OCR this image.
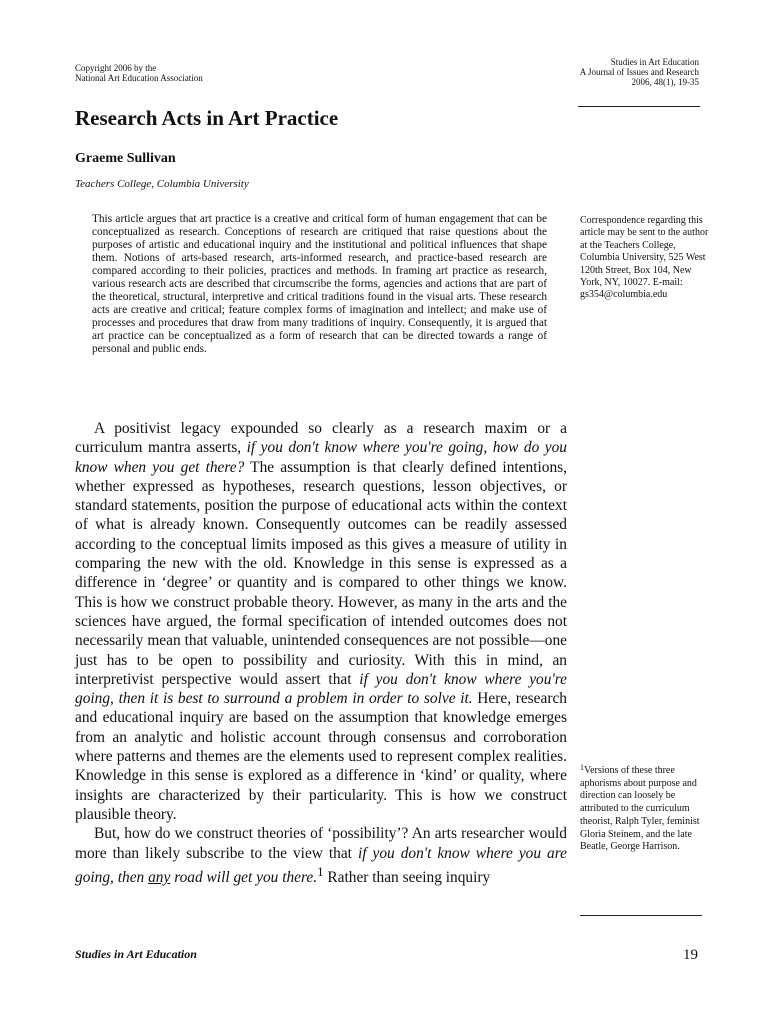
Copyright 2006 by the
National Art Education Association
Studies in Art Education
A Journal of Issues and Research
2006, 48(1), 19-35
Research Acts in Art Practice
Graeme Sullivan
Teachers College, Columbia University
This article argues that art practice is a creative and critical form of human engagement that can be conceptualized as research. Conceptions of research are critiqued that raise questions about the purposes of artistic and educational inquiry and the institutional and political influences that shape them. Notions of arts-based research, arts-informed research, and practice-based research are compared according to their policies, practices and methods. In framing art practice as research, various research acts are described that circumscribe the forms, agencies and actions that are part of the theoretical, structural, interpretive and critical traditions found in the visual arts. These research acts are creative and critical; feature complex forms of imagination and intellect; and make use of processes and procedures that draw from many traditions of inquiry. Consequently, it is argued that art practice can be conceptualized as a form of research that can be directed towards a range of personal and public ends.
Correspondence regarding this article may be sent to the author at the Teachers College, Columbia University, 525 West 120th Street, Box 104, New York, NY, 10027. E-mail: gs354@columbia.edu

A positivist legacy expounded so clearly as a research maxim or a curriculum mantra asserts, if you don't know where you're going, how do you know when you get there? The assumption is that clearly defined intentions, whether expressed as hypotheses, research questions, lesson objectives, or standard statements, position the purpose of educational acts within the context of what is already known. Consequently outcomes can be readily assessed according to the conceptual limits imposed as this gives a measure of utility in comparing the new with the old. Knowledge in this sense is expressed as a difference in ‘degree’ or quantity and is compared to other things we know. This is how we construct probable theory. However, as many in the arts and the sciences have argued, the formal specification of intended outcomes does not necessarily mean that valuable, unintended consequences are not possible—one just has to be open to possibility and curiosity. With this in mind, an interpretivist perspective would assert that if you don't know where you're going, then it is best to surround a problem in order to solve it. Here, research and educational inquiry are based on the assumption that knowledge emerges from an analytic and holistic account through consensus and corroboration where patterns and themes are the elements used to represent complex realities. Knowledge in this sense is explored as a difference in ‘kind’ or quality, where insights are characterized by their particularity. This is how we construct plausible theory.

But, how do we construct theories of ‘possibility’? An arts researcher would more than likely subscribe to the view that if you don't know where you are going, then any road will get you there.$^1$ Rather than seeing inquiry

$^1$Versions of these three aphorisms about purpose and direction can loosely be attributed to the curriculum theorist, Ralph Tyler, feminist Gloria Steinem, and the late Beatle, George Harrison.
Studies in Art Education	19
